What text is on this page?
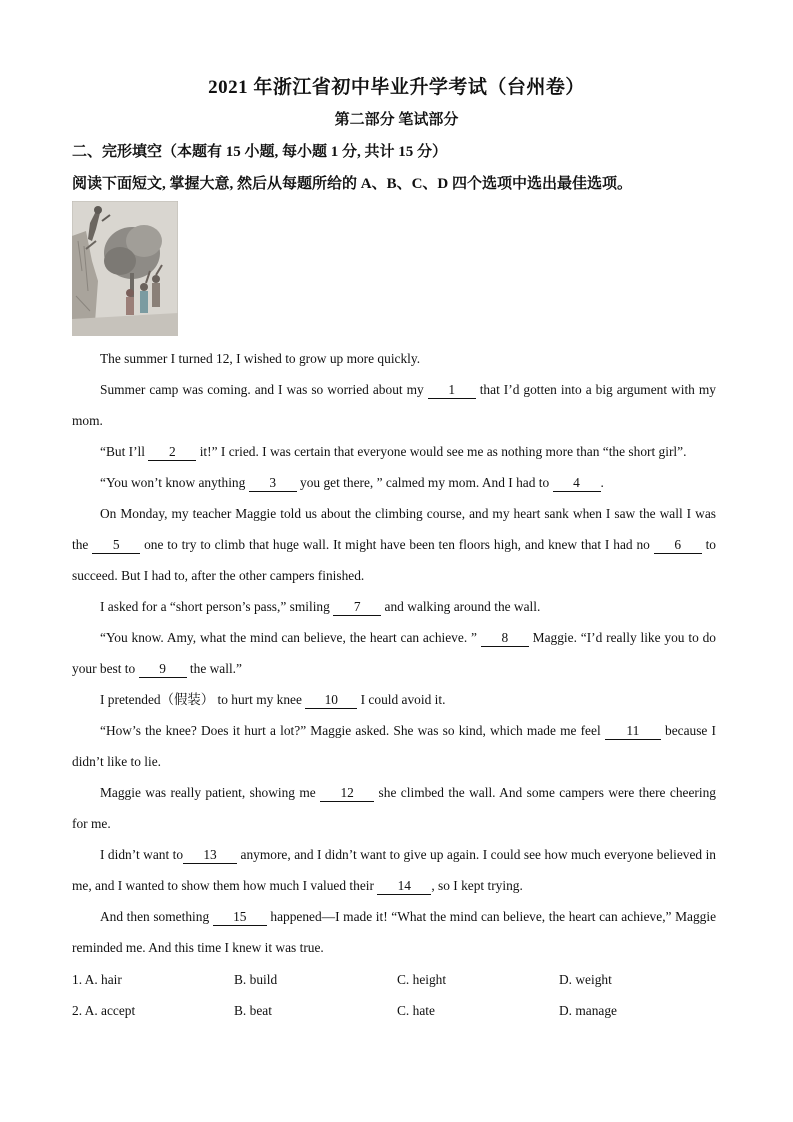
2021 年浙江省初中毕业升学考试（台州卷）
第二部分 笔试部分
二、完形填空（本题有 15 小题, 每小题 1 分, 共计 15 分）
阅读下面短文, 掌握大意, 然后从每题所给的 A、B、C、D 四个选项中选出最佳选项。

The summer I turned 12, I wished to grow up more quickly.

Summer camp was coming. and I was so worried about my 1 that I’d gotten into a big argument with my mom.

“But I’ll 2 it!” I cried. I was certain that everyone would see me as nothing more than “the short girl”.

“You won’t know anything 3 you get there, ” calmed my mom. And I had to 4 .

On Monday, my teacher Maggie told us about the climbing course, and my heart sank when I saw the wall I was the 5 one to try to climb that huge wall. It might have been ten floors high, and knew that I had no 6 to succeed. But I had to, after the other campers finished.

I asked for a “short person’s pass,” smiling 7 and walking around the wall.

“You know. Amy, what the mind can believe, the heart can achieve. ” 8 Maggie. “I’d really like you to do your best to 9 the wall.”

I pretended（假装） to hurt my knee 10 I could avoid it.

“How’s the knee? Does it hurt a lot?” Maggie asked. She was so kind, which made me feel 11 because I didn’t like to lie.

Maggie was really patient, showing me 12 she climbed the wall. And some campers were there cheering for me.

I didn’t want to 13 anymore, and I didn’t want to give up again. I could see how much everyone believed in me, and I wanted to show them how much I valued their 14 , so I kept trying.

And then something 15 happened—I made it! “What the mind can believe, the heart can achieve,” Maggie reminded me. And this time I knew it was true.

1. A. hair	B. build	C. height	D. weight
2. A. accept	B. beat	C. hate	D. manage
